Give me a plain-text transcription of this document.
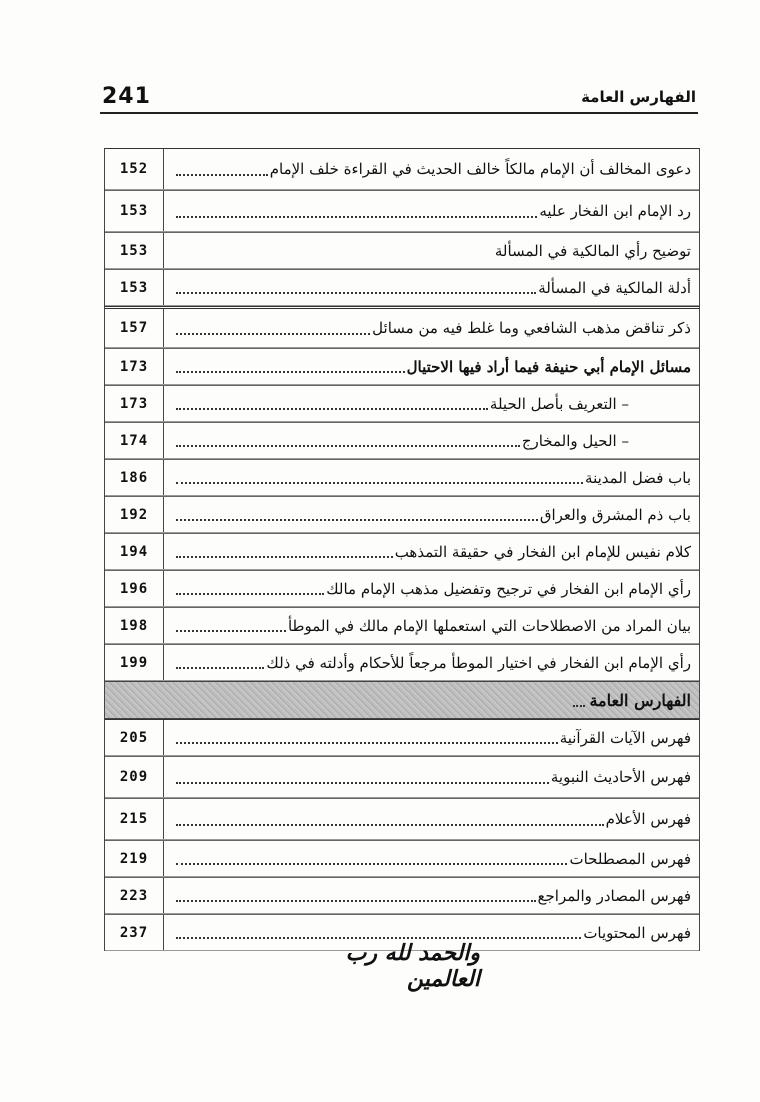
241	الفهارس العامة
152	دعوى المخالف أن الإمام مالكاً خالف الحديث في القراءة خلف الإمام
153	رد الإمام ابن الفخار عليه
153	توضيح رأي المالكية في المسألة
153	أدلة المالكية في المسألة
157	ذكر تناقض مذهب الشافعي وما غلط فيه من مسائل
173	مسائل الإمام أبي حنيفة فيما أراد فيها الاحتيال
173	– التعريف بأصل الحيلة
174	– الحيل والمخارج
186	باب فضل المدينة
192	باب ذم المشرق والعراق
194	كلام نفيس للإمام ابن الفخار في حقيقة التمذهب
196	رأي الإمام ابن الفخار في ترجيح وتفضيل مذهب الإمام مالك
198	بيان المراد من الاصطلاحات التي استعملها الإمام مالك في الموطأ
199	رأي الإمام ابن الفخار في اختيار الموطأ مرجعاً للأحكام وأدلته في ذلك
الفهارس العامة
205	فهرس الآيات القرآنية
209	فهرس الأحاديث النبوية
215	فهرس الأعلام
219	فهرس المصطلحات
223	فهرس المصادر والمراجع
237	فهرس المحتويات
والحمد لله رب العالمين
